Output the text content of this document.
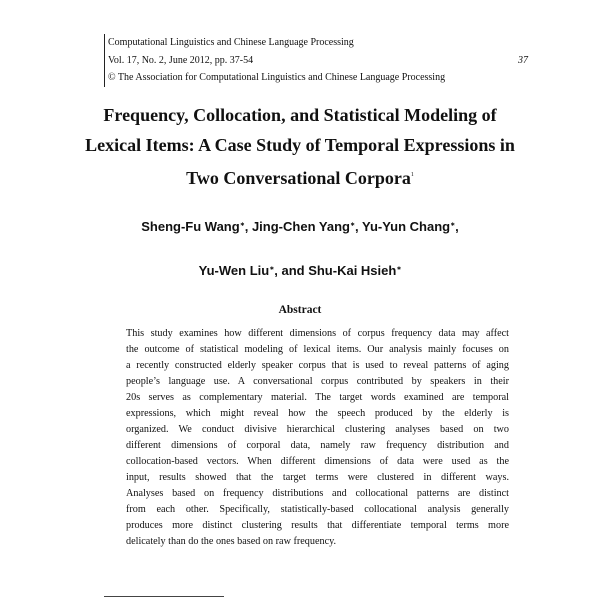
Computational Linguistics and Chinese Language Processing
Vol. 17, No. 2, June 2012, pp. 37-54
© The Association for Computational Linguistics and Chinese Language Processing
37
Frequency, Collocation, and Statistical Modeling of
Lexical Items: A Case Study of Temporal Expressions in
Two Conversational Corpora$^1$
Sheng-Fu Wang∗, Jing-Chen Yang∗, Yu-Yun Chang∗,
Yu-Wen Liu∗, and Shu-Kai Hsieh∗
Abstract
This study examines how different dimensions of corpus frequency data may affect
the outcome of statistical modeling of lexical items. Our analysis mainly focuses on
a recently constructed elderly speaker corpus that is used to reveal patterns of aging
people’s language use. A conversational corpus contributed by speakers in their
20s serves as complementary material. The target words examined are temporal
expressions, which might reveal how the speech produced by the elderly is
organized. We conduct divisive hierarchical clustering analyses based on two
different dimensions of corporal data, namely raw frequency distribution and
collocation-based vectors. When different dimensions of data were used as the
input, results showed that the target terms were clustered in different ways.
Analyses based on frequency distributions and collocational patterns are distinct
from each other. Specifically, statistically-based collocational analysis generally
produces more distinct clustering results that differentiate temporal terms more
delicately than do the ones based on raw frequency.
